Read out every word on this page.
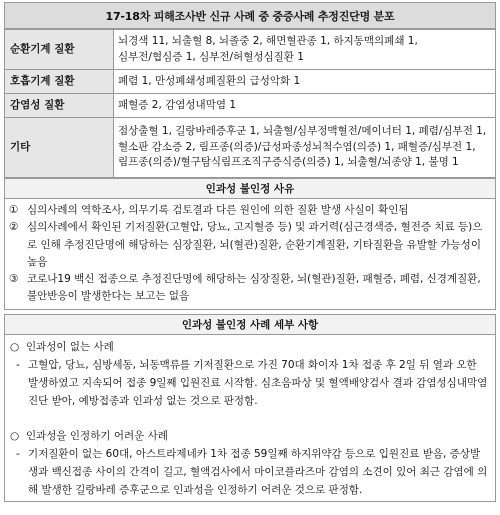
17-18차 피해조사반 신규 사례 중 중증사례 추정진단명 분포
순환기계 질환	뇌경색 11, 뇌출혈 8, 뇌졸중 2, 해면혈관종 1, 하지동맥의폐쇄 1,
심부전/협심증 1, 심부전/허혈성심질환 1

호흡기계 질환	폐렴 1, 만성폐쇄성폐질환의 급성악화 1

감염성 질환	패혈증 2, 감염성내막염 1

기타	점상출혈 1, 길랑바레증후군 1, 뇌출혈/심부정맥혈전/메이너터 1, 폐렴/심부전 1,
혈소판 감소증 2, 림프종(의증)/급성파종성뇌척수염(의증) 1, 패혈증/심부전 1,
림프종(의증)/혈구탐식림프조직구증식증(의증) 1, 뇌출혈/뇌종양 1, 불명 1
인과성 불인정 사유
① 심의사례의 역학조사, 의무기록 검토결과 다른 원인에 의한 질환 발생 사실이 확인됨
② 심의사례에서 확인된 기저질환(고혈압, 당뇨, 고지혈증 등) 및 과거력(심근경색증, 혈전증 치료 등)으로 인해 추정진단명에 해당하는 심장질환, 뇌(혈관)질환, 순환기계질환, 기타질환을 유발할 가능성이 높음
③ 코로나19 백신 접종으로 추정진단명에 해당하는 심장질환, 뇌(혈관)질환, 패혈증, 폐렴, 신경계질환, 불안반응이 발생한다는 보고는 없음
인과성 불인정 사례 세부 사항
○ 인과성이 없는 사례
- 고혈압, 당뇨, 심방세동, 뇌동맥류를 기저질환으로 가진 70대 화이자 1차 접종 후 2일 뒤 열과 오한 발생하였고 지속되어 접종 9일째 입원진료 시작함. 심초음파상 및 혈액배양검사 결과 감염성심내막염 진단 받아, 예방접종과 인과성 없는 것으로 판정함.
○ 인과성을 인정하기 어려운 사례
- 기저질환이 없는 60대, 아스트라제네카 1차 접종 59일째 하지위약감 등으로 입원진료 받음, 증상발생과 백신접종 사이의 간격이 길고, 혈액검사에서 마이코플라즈마 감염의 소견이 있어 최근 감염에 의해 발생한 길랑바레 증후군으로 인과성을 인정하기 어려운 것으로 판정함.
